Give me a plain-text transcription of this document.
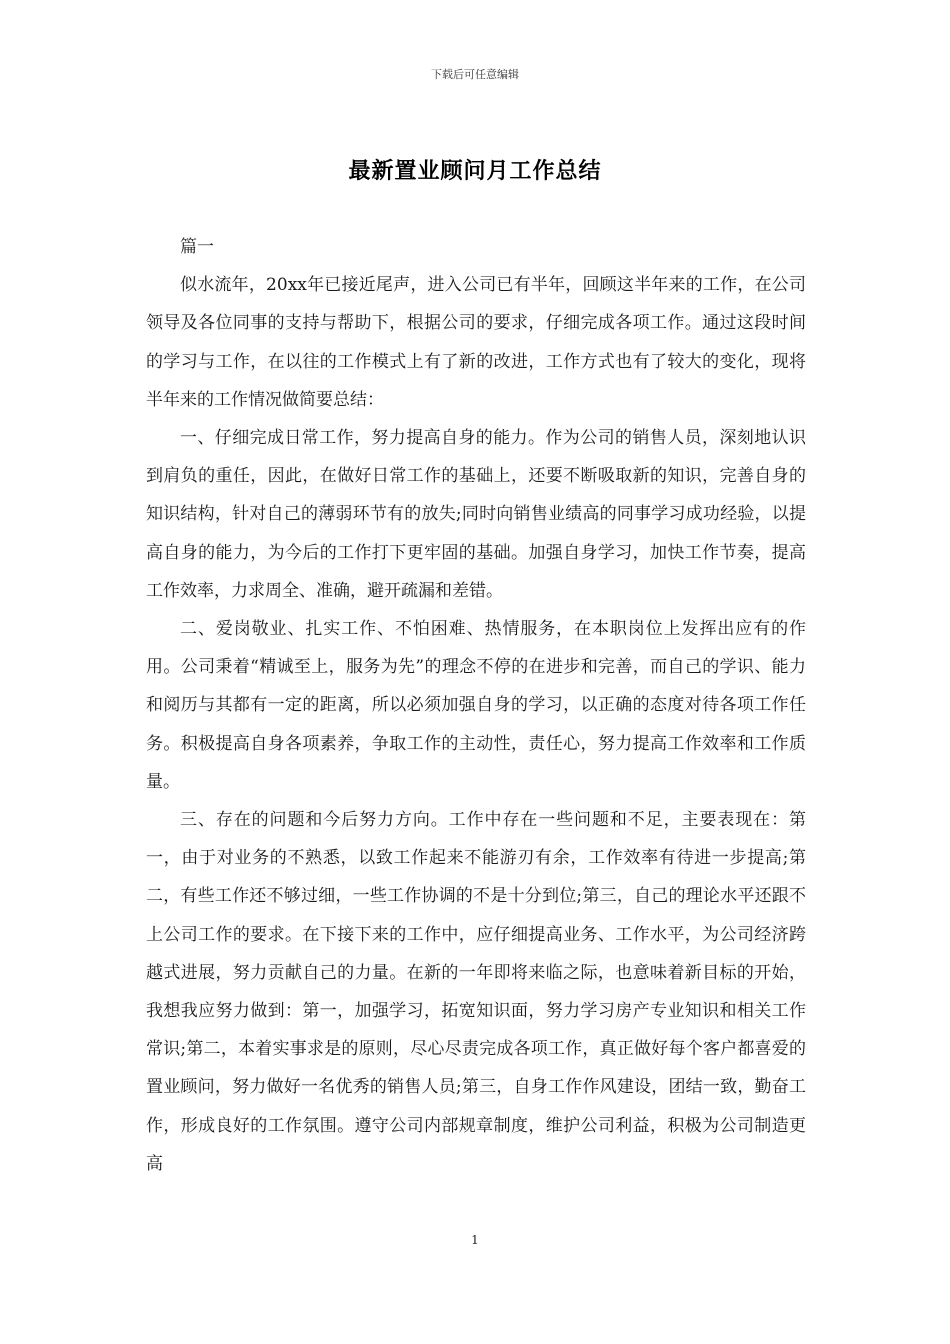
下载后可任意编辑
最新置业顾问月工作总结

篇一

似水流年，20xx年已接近尾声，进入公司已有半年，回顾这半年来的工作，在公司领导及各位同事的支持与帮助下，根据公司的要求，仔细完成各项工作。通过这段时间的学习与工作，在以往的工作模式上有了新的改进，工作方式也有了较大的变化，现将半年来的工作情况做简要总结：

一、仔细完成日常工作，努力提高自身的能力。作为公司的销售人员，深刻地认识到肩负的重任，因此，在做好日常工作的基础上，还要不断吸取新的知识，完善自身的知识结构，针对自己的薄弱环节有的放失;同时向销售业绩高的同事学习成功经验，以提高自身的能力，为今后的工作打下更牢固的基础。加强自身学习，加快工作节奏，提高工作效率，力求周全、准确，避开疏漏和差错。

二、爱岗敬业、扎实工作、不怕困难、热情服务，在本职岗位上发挥出应有的作用。公司秉着“精诚至上，服务为先”的理念不停的在进步和完善，而自己的学识、能力和阅历与其都有一定的距离，所以必须加强自身的学习，以正确的态度对待各项工作任务。积极提高自身各项素养，争取工作的主动性，责任心，努力提高工作效率和工作质量。

三、存在的问题和今后努力方向。工作中存在一些问题和不足，主要表现在：第一，由于对业务的不熟悉，以致工作起来不能游刃有余，工作效率有待进一步提高;第二，有些工作还不够过细，一些工作协调的不是十分到位;第三，自己的理论水平还跟不上公司工作的要求。在下接下来的工作中，应仔细提高业务、工作水平，为公司经济跨越式进展，努力贡献自己的力量。在新的一年即将来临之际，也意味着新目标的开始，我想我应努力做到：第一，加强学习，拓宽知识面，努力学习房产专业知识和相关工作常识;第二，本着实事求是的原则，尽心尽责完成各项工作，真正做好每个客户都喜爱的置业顾问，努力做好一名优秀的销售人员;第三，自身工作作风建设，团结一致，勤奋工作，形成良好的工作氛围。遵守公司内部规章制度，维护公司利益，积极为公司制造更高

1
